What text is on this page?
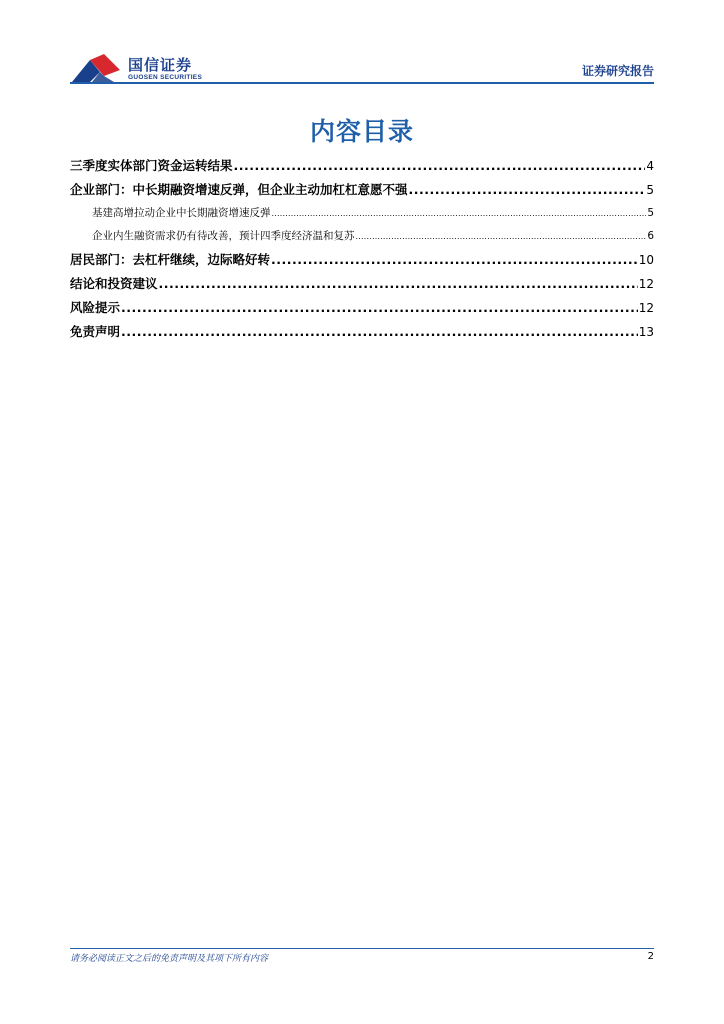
国信证券
GUOSEN SECURITIES	证券研究报告
内容目录
三季度实体部门资金运转结果 .....	4
企业部门：中长期融资增速反弹，但企业主动加杠杠意愿不强 .....	5
基建高增拉动企业中长期融资增速反弹 .....	5
企业内生融资需求仍有待改善，预计四季度经济温和复苏 .....	6
居民部门：去杠杆继续，边际略好转 .....	10
结论和投资建议 .....	12
风险提示 .....	12
免责声明 .....	13
请务必阅读正文之后的免责声明及其项下所有内容	2
